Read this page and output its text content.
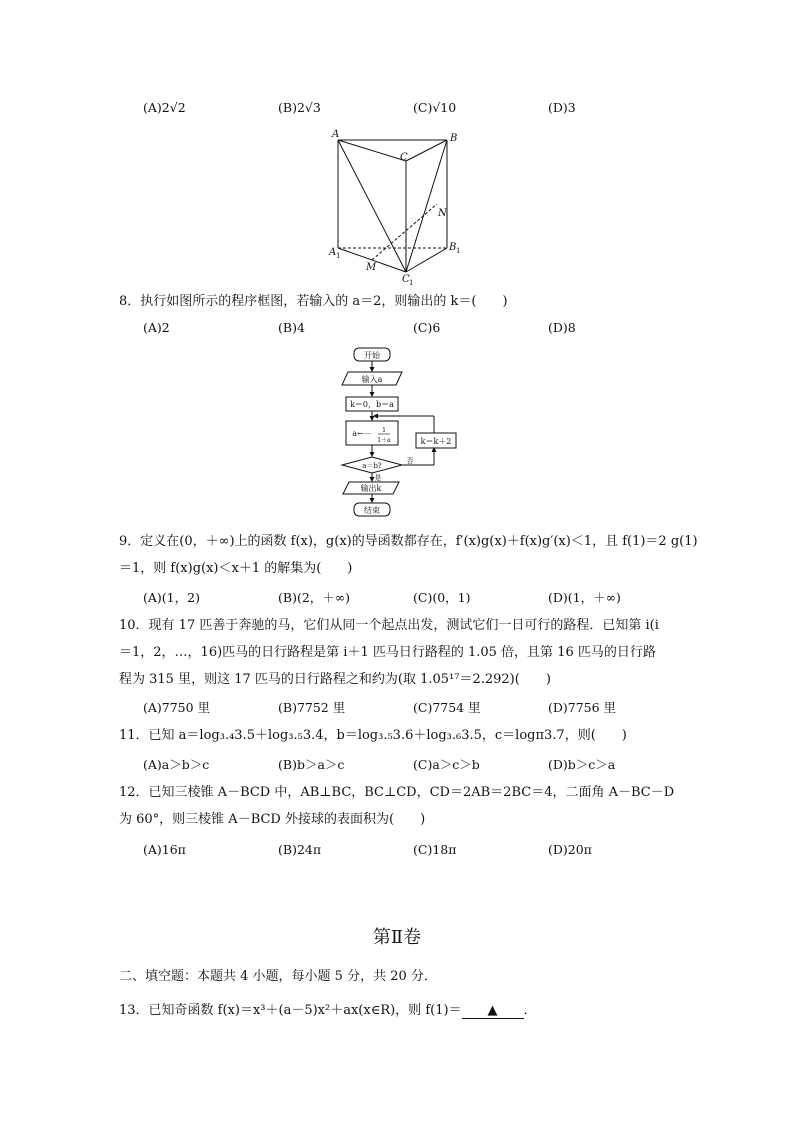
(A)2√2	(B)2√3	(C)√10	(D)3
A	B
C
N
A	B
M
C
1
1
1
8．执行如图所示的程序框图，若输入的 a＝2，则输出的 k＝(　　)
(A)2	(B)4	(C)6	(D)8
开始
输入a
k＝0，b＝a
a←－ 1
1＋a	k＝k＋2
a＝b?
否
是
输出k
结束
9．定义在(0，＋∞)上的函数 f(x)，g(x)的导函数都存在，f′(x)g(x)＋f(x)g′(x)＜1，且 f(1)＝2 g(1)
＝1，则 f(x)g(x)＜x＋1 的解集为(　　)
(A)(1，2)	(B)(2，＋∞)	(C)(0，1)	(D)(1，＋∞)
10．现有 17 匹善于奔驰的马，它们从同一个起点出发，测试它们一日可行的路程．已知第 i(i
＝1，2，…，16)匹马的日行路程是第 i＋1 匹马日行路程的 1.05 倍，且第 16 匹马的日行路
程为 315 里，则这 17 匹马的日行路程之和约为(取 1.05¹⁷＝2.292)(　　)
(A)7750 里	(B)7752 里	(C)7754 里	(D)7756 里
11．已知 a＝log₃.₄3.5＋log₃.₅3.4，b＝log₃.₅3.6＋log₃.₆3.5，c＝logπ3.7，则(　　)
(A)a＞b＞c	(B)b＞a＞c	(C)a＞c＞b	(D)b＞c＞a
12．已知三棱锥 A－BCD 中，AB⊥BC，BC⊥CD，CD＝2AB＝2BC＝4，二面角 A－BC－D
为 60°，则三棱锥 A－BCD 外接球的表面积为(　　)
(A)16π	(B)24π	(C)18π	(D)20π
第Ⅱ卷
二、填空题：本题共 4 小题，每小题 5 分，共 20 分．
13．已知奇函数 f(x)＝x³＋(a－5)x²＋ax(x∈R)，则 f(1)＝ ▲ ．
